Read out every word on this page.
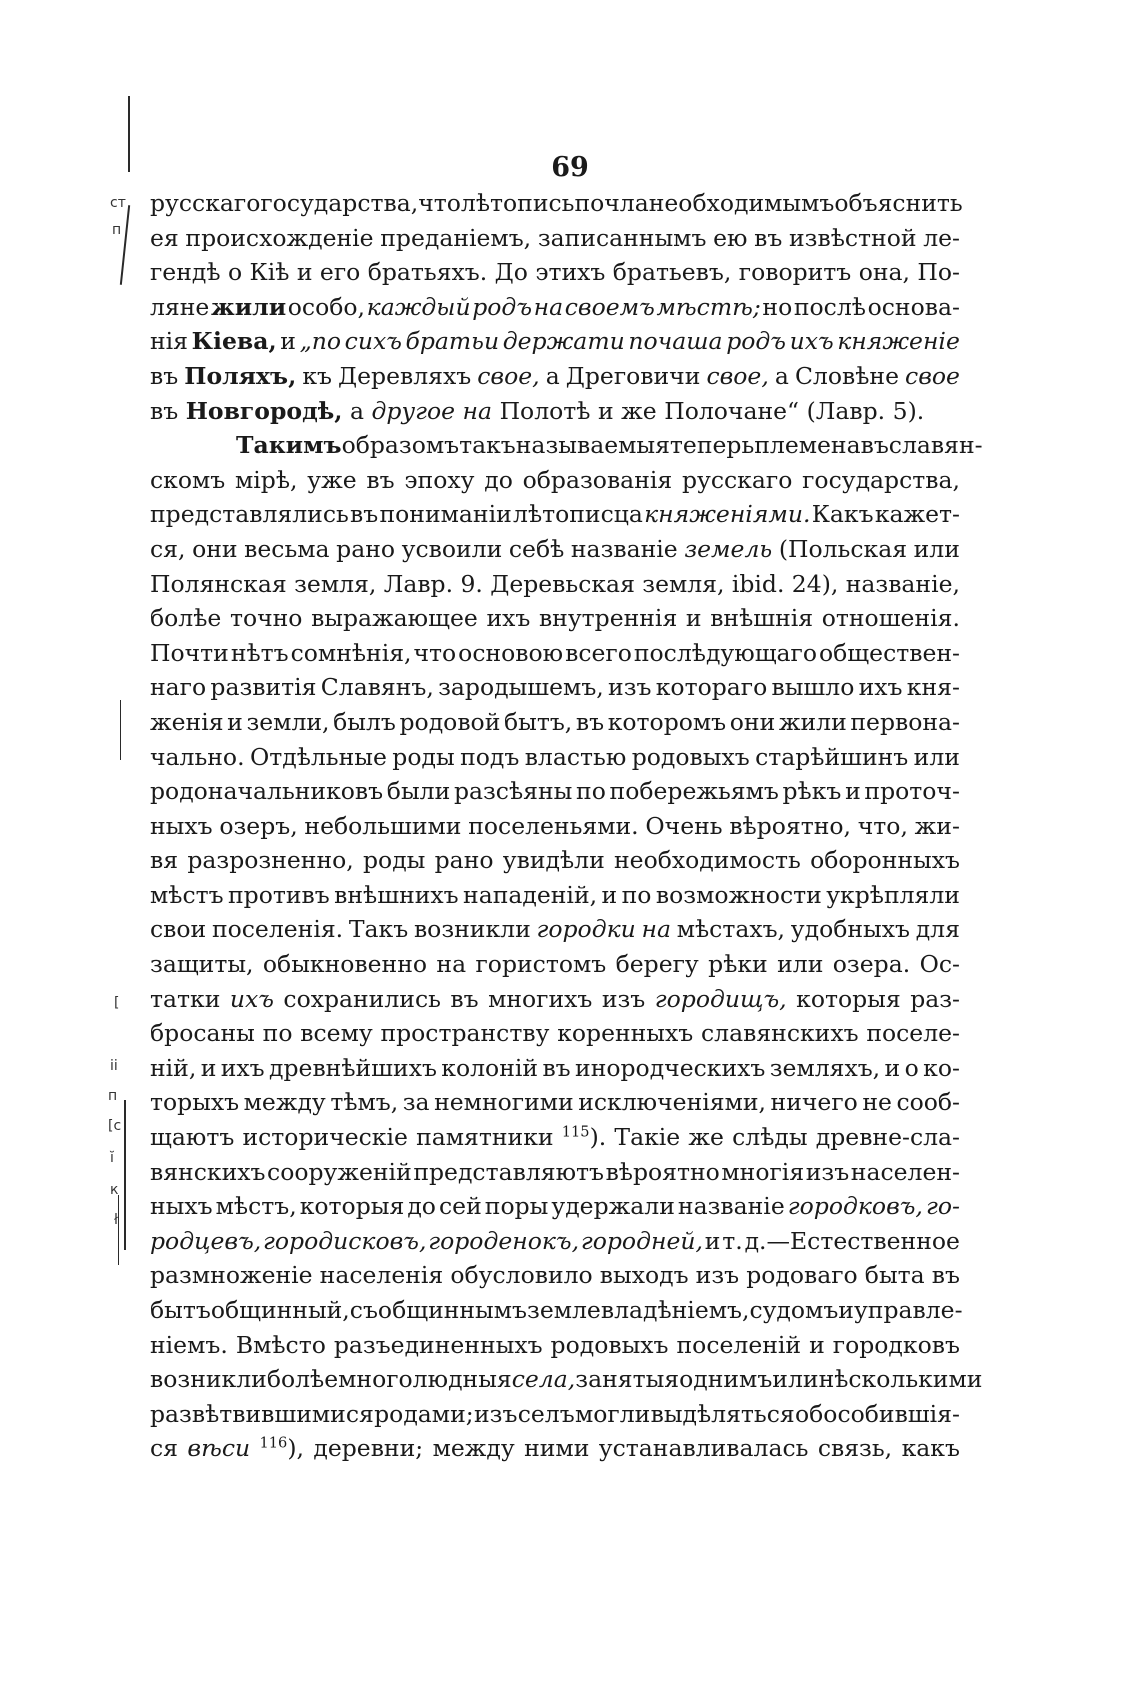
69
ст
п
[
іі
п
[с
ĭ
к
ł
русскаго государства, что лѣтопись почла необходимымъ объяснить
ея происхожденіе преданіемъ, записаннымъ ею въ извѣстной ле-
гендѣ о Кіѣ и его братьяхъ. До этихъ братьевъ, говоритъ она, По-
ляне жили особо, каждый родъ на своемъ мѣстѣ; но послѣ основа-
нія Кіева, и „по сихъ братьи держати почаша родъ ихъ княженіе
въ Поляхъ, къ Деревляхъ свое, а Дреговичи свое, а Словѣне свое
въ Новгородѣ, а другое на Полотѣ и же Полочане“ (Лавр. 5).
Такимъ образомъ такъ называемыя теперь племена въ славян-
скомъ мірѣ, уже въ эпоху до образованія русскаго государства,
представлялись въ пониманіи лѣтописца княженіями. Какъ кажет-
ся, они весьма рано усвоили себѣ названіе земель (Польская или
Полянская земля, Лавр. 9. Деревьская земля, ibid. 24), названіе,
болѣе точно выражающее ихъ внутреннія и внѣшнія отношенія.
Почти нѣтъ сомнѣнія, что основою всего послѣдующаго обществен-
наго развитія Славянъ, зародышемъ, изъ котораго вышло ихъ кня-
женія и земли, былъ родовой бытъ, въ которомъ они жили первона-
чально. Отдѣльные роды подъ властью родовыхъ старѣйшинъ или
родоначальниковъ были разсѣяны по побережьямъ рѣкъ и проточ-
ныхъ озеръ, небольшими поселеньями. Очень вѣроятно, что, жи-
вя разрозненно, роды рано увидѣли необходимость оборонныхъ
мѣстъ противъ внѣшнихъ нападеній, и по возможности укрѣпляли
свои поселенія. Такъ возникли городки на мѣстахъ, удобныхъ для
защиты, обыкновенно на гористомъ берегу рѣки или озера. Ос-
татки ихъ сохранились въ многихъ изъ городищъ, которыя раз-
бросаны по всему пространству коренныхъ славянскихъ поселе-
ній, и ихъ древнѣйшихъ колоній въ инородческихъ земляхъ, и о ко-
торыхъ между тѣмъ, за немногими исключеніями, ничего не сооб-
щаютъ историческіе памятники $^{115}$). Такіе же слѣды древне-сла-
вянскихъ сооруженій представляютъ вѣроятно многія изъ населен-
ныхъ мѣстъ, которыя до сей поры удержали названіе городковъ, го-
родцевъ, городисковъ, городенокъ, городней, и т. д.—Естественное
размноженіе населенія обусловило выходъ изъ родоваго быта въ
бытъ общинный, съ общиннымъ землевладѣніемъ, судомъ и управле-
ніемъ. Вмѣсто разъединенныхъ родовыхъ поселеній и городковъ
возникли болѣе многолюдныя села, занятыя однимъ или нѣсколькими
развѣтвившимися родами; изъ селъ могли выдѣляться обособившія-
ся вѣси $^{116}$), деревни; между ними устанавливалась связь, какъ
